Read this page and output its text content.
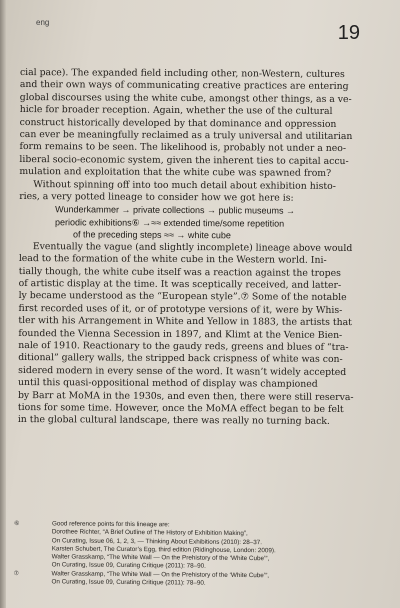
eng	19

cial pace). The expanded field including other, non-Western, cultures
and their own ways of communicating creative practices are entering
global discourses using the white cube, amongst other things, as a ve-
hicle for broader reception. Again, whether the use of the cultural
construct historically developed by that dominance and oppression
can ever be meaningfully reclaimed as a truly universal and utilitarian
form remains to be seen. The likelihood is, probably not under a neo-
liberal socio-economic system, given the inherent ties to capital accu-
mulation and exploitation that the white cube was spawned from?

Without spinning off into too much detail about exhibition histo-
ries, a very potted lineage to consider how we got here is:

Wunderkammer → private collections → public museums →
periodic exhibitions⑥ →≈≈ extended time/some repetition
of the preceding steps ≈≈ → white cube

Eventually the vague (and slightly incomplete) lineage above would
lead to the formation of the white cube in the Western world. Ini-
tially though, the white cube itself was a reaction against the tropes
of artistic display at the time. It was sceptically received, and latter-
ly became understood as the “European style”.⑦ Some of the notable
first recorded uses of it, or of prototype versions of it, were by Whis-
tler with his Arrangement in White and Yellow in 1883, the artists that
founded the Vienna Secession in 1897, and Klimt at the Venice Bien-
nale of 1910. Reactionary to the gaudy reds, greens and blues of “tra-
ditional” gallery walls, the stripped back crispness of white was con-
sidered modern in every sense of the word. It wasn’t widely accepted
until this quasi-oppositional method of display was championed
by Barr at MoMA in the 1930s, and even then, there were still reserva-
tions for some time. However, once the MoMA effect began to be felt
in the global cultural landscape, there was really no turning back.

⑥	Good reference points for this lineage are:
Dorothee Richter, “A Brief Outline of The History of Exhibition Making”,
On Curating, Issue 06, 1, 2, 3, — Thinking About Exhibitions (2010): 28–37.
Karsten Schubert, The Curator’s Egg, third edition (Ridinghouse, London: 2009).
Walter Grasskamp, “The White Wall — On the Prehistory of the ‘White Cube’”,
On Curating, Issue 09, Curating Critique (2011): 78–90.
⑦	Walter Grasskamp, “The White Wall — On the Prehistory of the ‘White Cube’”,
On Curating, Issue 09, Curating Critique (2011): 78–90.
